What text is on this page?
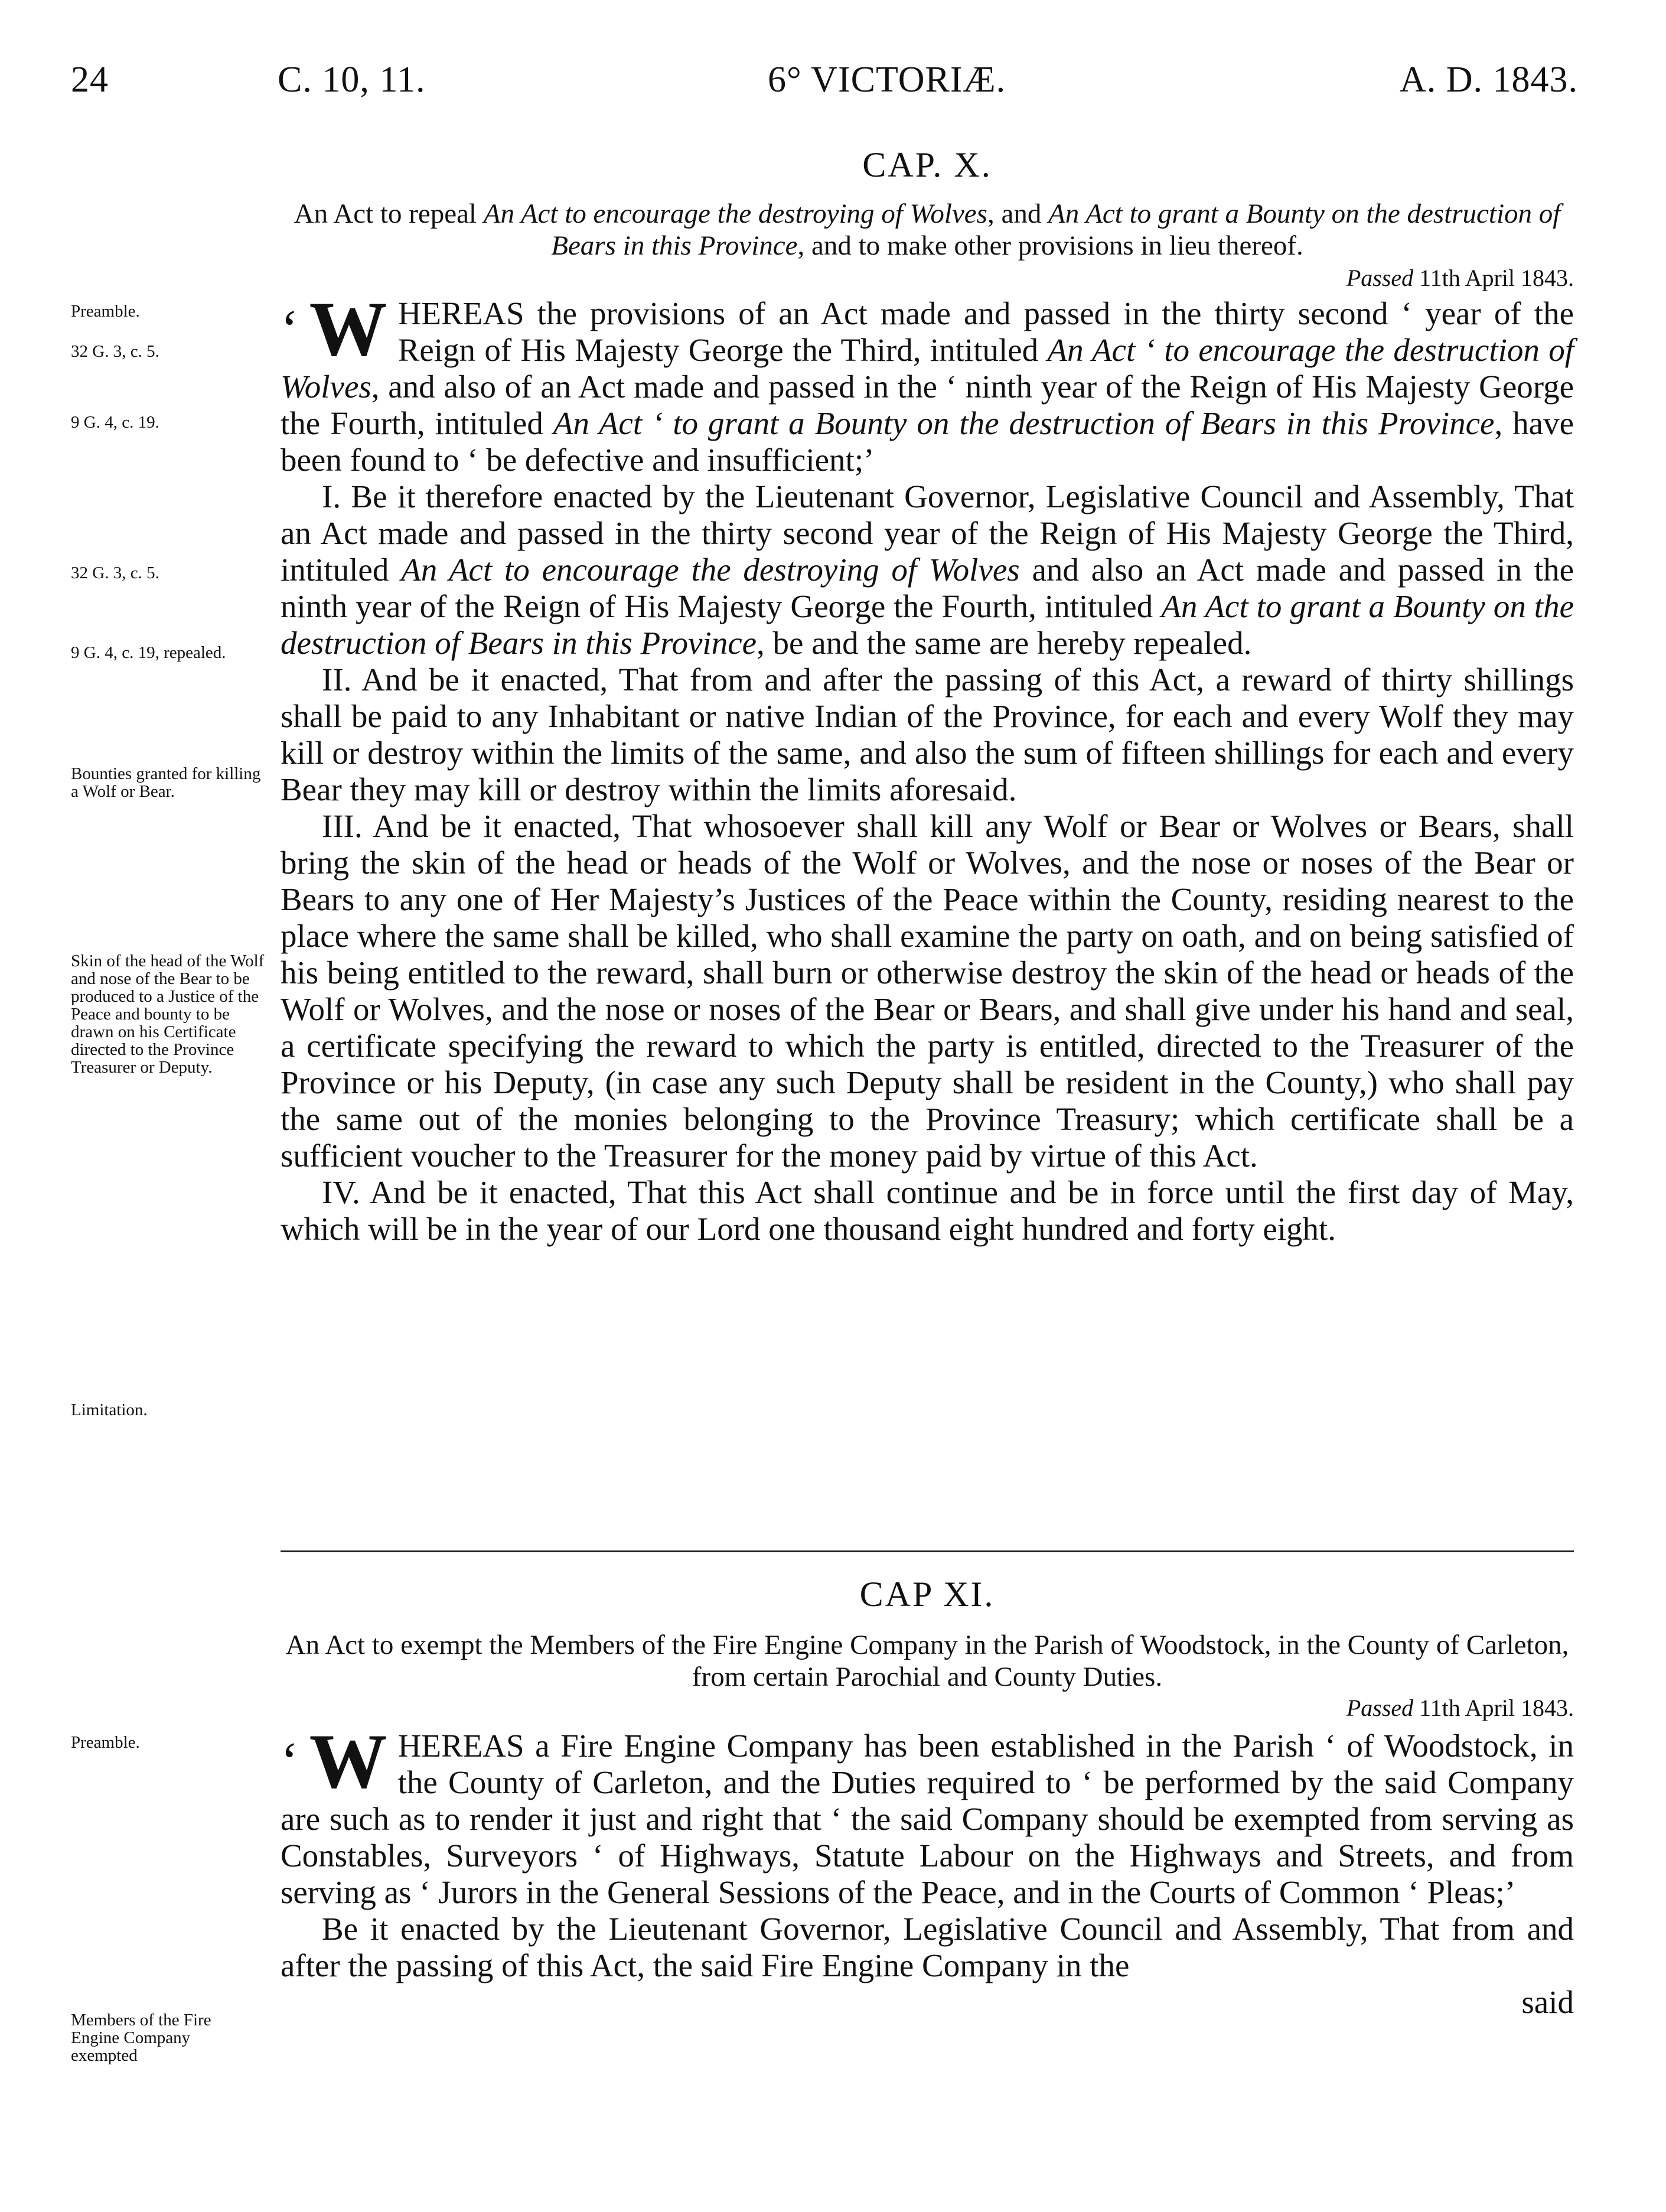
24	C. 10, 11.	6° VICTORIÆ.	A. D. 1843.
CAP. X.
An Act to repeal An Act to encourage the destroying of Wolves, and An Act to grant a Bounty on the destruction of Bears in this Province, and to make other provisions in lieu thereof.
Passed 11th April 1843.

‘ W HEREAS the provisions of an Act made and passed in the thirty second ‘ year of the Reign of His Majesty George the Third, intituled An Act ‘ to encourage the destruction of Wolves, and also of an Act made and passed in the ‘ ninth year of the Reign of His Majesty George the Fourth, intituled An Act ‘ to grant a Bounty on the destruction of Bears in this Province, have been found to ‘ be defective and insufficient;’

I. Be it therefore enacted by the Lieutenant Governor, Legislative Council and Assembly, That an Act made and passed in the thirty second year of the Reign of His Majesty George the Third, intituled An Act to encourage the destroying of Wolves and also an Act made and passed in the ninth year of the Reign of His Majesty George the Fourth, intituled An Act to grant a Bounty on the destruction of Bears in this Province, be and the same are hereby repealed.

II. And be it enacted, That from and after the passing of this Act, a reward of thirty shillings shall be paid to any Inhabitant or native Indian of the Province, for each and every Wolf they may kill or destroy within the limits of the same, and also the sum of fifteen shillings for each and every Bear they may kill or destroy within the limits aforesaid.

III. And be it enacted, That whosoever shall kill any Wolf or Bear or Wolves or Bears, shall bring the skin of the head or heads of the Wolf or Wolves, and the nose or noses of the Bear or Bears to any one of Her Majesty’s Justices of the Peace within the County, residing nearest to the place where the same shall be killed, who shall examine the party on oath, and on being satisfied of his being entitled to the reward, shall burn or otherwise destroy the skin of the head or heads of the Wolf or Wolves, and the nose or noses of the Bear or Bears, and shall give under his hand and seal, a certificate specifying the reward to which the party is entitled, directed to the Treasurer of the Province or his Deputy, (in case any such Deputy shall be resident in the County,) who shall pay the same out of the monies belonging to the Province Treasury; which certificate shall be a sufficient voucher to the Treasurer for the money paid by virtue of this Act.

IV. And be it enacted, That this Act shall continue and be in force until the first day of May, which will be in the year of our Lord one thousand eight hundred and forty eight.

Preamble.
32 G. 3, c. 5.
9 G. 4, c. 19.
32 G. 3, c. 5.
9 G. 4, c. 19, repealed.
Bounties granted for killing a Wolf or Bear.
Skin of the head of the Wolf and nose of the Bear to be produced to a Justice of the Peace and bounty to be drawn on his Certificate directed to the Province Treasurer or Deputy.
Limitation.
CAP XI.
An Act to exempt the Members of the Fire Engine Company in the Parish of Woodstock, in the County of Carleton, from certain Parochial and County Duties.
Passed 11th April 1843.

‘ W HEREAS a Fire Engine Company has been established in the Parish ‘ of Woodstock, in the County of Carleton, and the Duties required to ‘ be performed by the said Company are such as to render it just and right that ‘ the said Company should be exempted from serving as Constables, Surveyors ‘ of Highways, Statute Labour on the Highways and Streets, and from serving as ‘ Jurors in the General Sessions of the Peace, and in the Courts of Common ‘ Pleas;’

Be it enacted by the Lieutenant Governor, Legislative Council and Assembly, That from and after the passing of this Act, the said Fire Engine Company in the

said

Preamble.
Members of the Fire Engine Company exempted
